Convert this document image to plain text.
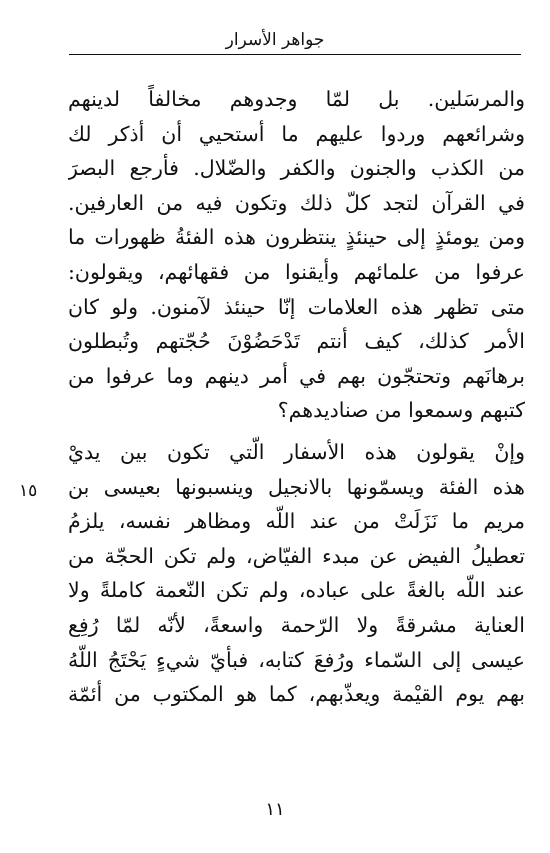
جواهر الأسرار
والمرسَلين. بل لمّا وجدوهم مخالفاً لدينهم
وشرائعهم وردوا عليهم ما أستحيي أن أذكر لك
من الكذب والجنون والكفر والضّلال. فأرجع البصرَ
في القرآن لتجد كلّ ذلك وتكون فيه من العارفين.
ومن يومئذٍ إلى حينئذٍ ينتظرون هذه الفئةُ ظهورات ما
عرفوا من علمائهم وأيقنوا من فقهائهم، ويقولون:
متى تظهر هذه العلامات إنّا حينئذ لآمنون. ولو كان
الأمر كذلك، كيف أنتم تَدْحَضُوْنَ حُجّتهم وتُبطلون
برهانَهم وتحتجّون بهم في أمر دينهم وما عرفوا من
كتبهم وسمعوا من صناديدهم؟
وإنْ يقولون هذه الأسفار الّتي تكون بين يديْ
هذه الفئة ويسمّونها بالانجيل وينسبونها بعيسى بن
مريم ما نَزَلَتْ من عند اللّه ومظاهر نفسه، يلزمُ
تعطيلُ الفيض عن مبدء الفيّاض، ولم تكن الحجّة من
عند اللّه بالغةً على عباده، ولم تكن النّعمة كاملةً ولا
العناية مشرقةً ولا الرّحمة واسعةً، لأنّه لمّا رُفِع
عيسى إلى السّماء ورُفعَ كتابه، فبأيّ شيءٍ يَحْتَجُ اللّهُ
بهم يوم القيْمة ويعذّبهم، كما هو المكتوب من أئمّة
١٥
١١
